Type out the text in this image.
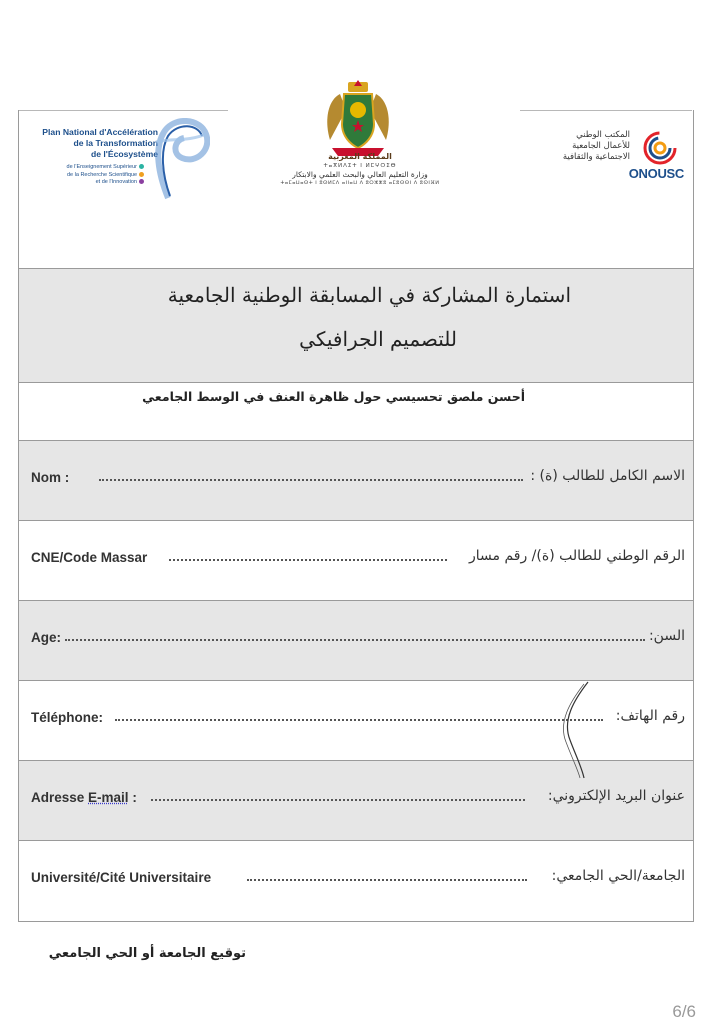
Plan National d'Accélération
de la Transformation
de l'Écosystème
de l'Enseignement Supérieur
de la Recherche Scientifique
et de l'Innovation
المملكة المغربية
ⵜⴰⴳⵍⴷⵉⵜ ⵏ ⵍⵎⵖⵔⵉⴱ
وزارة التعليم العالي والبحث العلمي والابتكار
ⵜⴰⵎⴰⵡⴰⵙⵜ ⵏ ⵓⵙⵍⵎⴷ ⴰⵏⵏⴰⵡ ⴷ ⵓⵔⵣⵣⵓ ⴰⵎⵓⵙⵙⵏ ⴷ ⵓⵙⵏⴼⵍ
المكتب الوطني
للأعمال الجامعية
الاجتماعية والثقافية
ONOUSC
استمارة المشاركة في المسابقة الوطنية الجامعية
للتصميم الجرافيكي
أحسن ملصق تحسيسي حول ظاهرة العنف في الوسط الجامعي
Nom :	الاسم الكامل للطالب (ة) :
CNE/Code Massar	الرقم الوطني للطالب (ة)/ رقم مسار
Age:	السن:
Téléphone:	رقم الهاتف:
Adresse E-mail :	عنوان البريد الإلكتروني:
Université/Cité Universitaire	الجامعة/الحي الجامعي:
توقيع الجامعة أو الحي الجامعي
6/6
